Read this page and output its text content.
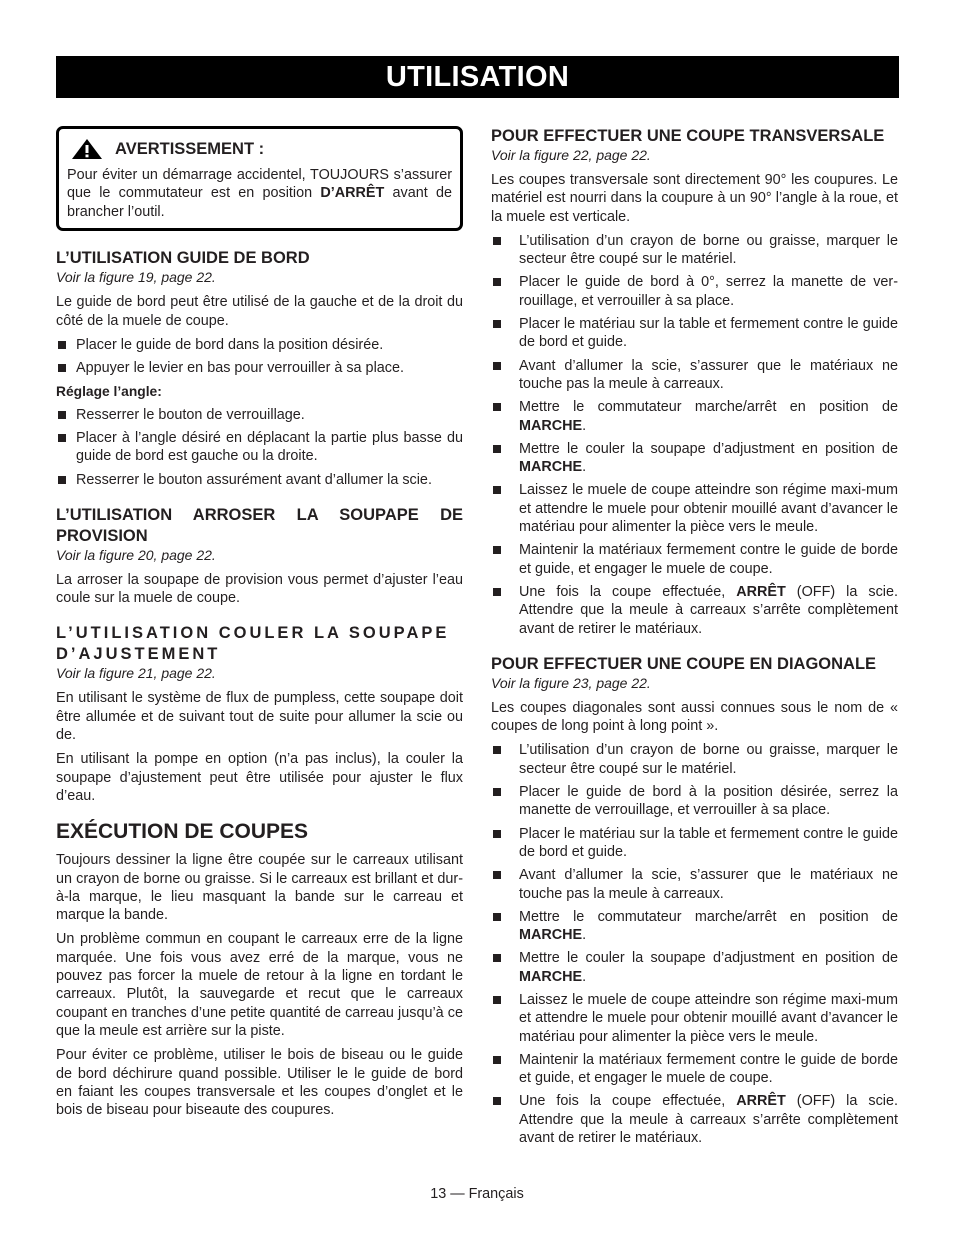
UTILISATION
AVERTISSEMENT :

Pour éviter un démarrage accidentel, TOUJOURS s’assurer que le commutateur est en position D’ARRÊT avant de brancher l’outil.

L’UTILISATION GUIDE DE BORD

Voir la figure 19, page 22.

Le guide de bord peut être utilisé de la gauche et de la droit du côté de la muele de coupe.

Placer le guide de bord dans la position désirée.
Appuyer le levier en bas pour verrouiller à sa place.

Réglage l’angle:

Resserrer le bouton de verrouillage.
Placer à l’angle désiré en déplacant la partie plus basse du guide de bord est gauche ou la droite.
Resserrer le bouton assurément avant d’allumer la scie.
L’UTILISATION ARROSER LA SOUPAPE DE PROVISION

Voir la figure 20, page 22.

La arroser la soupape de provision vous permet d’ajuster l’eau coule sur la muele de coupe.

L’UTILISATION COULER LA SOUPAPE D’AJUSTEMENT

Voir la figure 21, page 22.

En utilisant le système de flux de pumpless, cette soupape doit être allumée et de suivant tout de suite pour allumer la scie ou de.

En utilisant la pompe en option (n’a pas inclus), la couler la soupape d’ajustement peut être utilisée pour ajuster le flux d’eau.

EXÉCUTION DE COUPES

Toujours dessiner la ligne être coupée sur le carreaux utilisant un crayon de borne ou graisse. Si le carreaux est brillant et dur-à-la marque, le lieu masquant la bande sur le carreau et marque la bande.

Un problème commun en coupant le carreaux erre de la ligne marquée. Une fois vous avez erré de la marque, vous ne pouvez pas forcer la muele de retour à la ligne en tordant le carreaux. Plutôt, la sauvegarde et recut que le carreaux coupant en tranches d’une petite quantité de carreau jusqu’à ce que la meule est arrière sur la piste.

Pour éviter ce problème, utiliser le bois de biseau ou le guide de bord déchirure quand possible. Utiliser le le guide de bord en faiant les coupes transversale et les coupes d’onglet et le bois de biseau pour biseaute des coupures.

POUR EFFECTUER UNE COUPE TRANSVERSALE

Voir la figure 22, page 22.

Les coupes transversale sont directement 90° les coupures. Le matériel est nourri dans la coupure à un 90° l’angle à la roue, et la muele est verticale.

L’utilisation d’un crayon de borne ou graisse, marquer le secteur être coupé sur le matériel.
Placer le guide de bord à 0°, serrez la manette de ver-rouillage, et verrouiller à sa place.
Placer le matériau sur la table et fermement contre le guide de bord et guide.
Avant d’allumer la scie, s’assurer que le matériaux ne touche pas la meule à carreaux.
Mettre le commutateur marche/arrêt en position de MARCHE.
Mettre le couler la soupape d’adjustment en position de MARCHE.
Laissez le muele de coupe atteindre son régime maxi-mum et attendre le muele pour obtenir mouillé avant d’avancer le matériau pour alimenter la pièce vers le meule.
Maintenir la matériaux fermement contre le guide de borde et guide, et engager le muele de coupe.
Une fois la coupe effectuée, ARRÊT (OFF) la scie. Attendre que la meule à carreaux s’arrête complètement avant de retirer le matériaux.
POUR EFFECTUER UNE COUPE EN DIAGONALE

Voir la figure 23, page 22.

Les coupes diagonales sont aussi connues sous le nom de « coupes de long point à long point ».

L’utilisation d’un crayon de borne ou graisse, marquer le secteur être coupé sur le matériel.
Placer le guide de bord à la position désirée, serrez la manette de verrouillage, et verrouiller à sa place.
Placer le matériau sur la table et fermement contre le guide de bord et guide.
Avant d’allumer la scie, s’assurer que le matériaux ne touche pas la meule à carreaux.
Mettre le commutateur marche/arrêt en position de MARCHE.
Mettre le couler la soupape d’adjustment en position de MARCHE.
Laissez le muele de coupe atteindre son régime maxi-mum et attendre le muele pour obtenir mouillé avant d’avancer le matériau pour alimenter la pièce vers le meule.
Maintenir la matériaux fermement contre le guide de borde et guide, et engager le muele de coupe.
Une fois la coupe effectuée, ARRÊT (OFF) la scie. Attendre que la meule à carreaux s’arrête complètement avant de retirer le matériaux.
13 — Français
